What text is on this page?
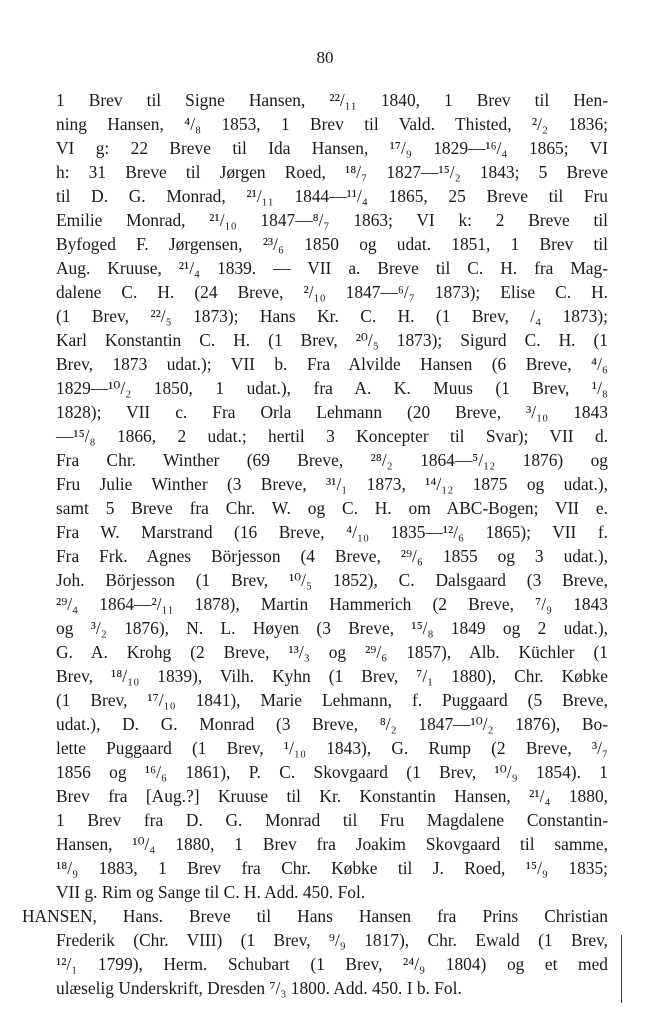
80
1 Brev til Signe Hansen, ²²/₁₁ 1840, 1 Brev til Hen-
ning Hansen, ⁴/₈ 1853, 1 Brev til Vald. Thisted, ²/₂ 1836;
VI g: 22 Breve til Ida Hansen, ¹⁷/₉ 1829—¹⁶/₄ 1865; VI
h: 31 Breve til Jørgen Roed, ¹⁸/₇ 1827—¹⁵/₂ 1843; 5 Breve
til D. G. Monrad, ²¹/₁₁ 1844—¹¹/₄ 1865, 25 Breve til Fru
Emilie Monrad, ²¹/₁₀ 1847—⁸/₇ 1863; VI k: 2 Breve til
Byfoged F. Jørgensen, ²³/₆ 1850 og udat. 1851, 1 Brev til
Aug. Kruuse, ²¹/₄ 1839. — VII a. Breve til C. H. fra Mag-
dalene C. H. (24 Breve, ²/₁₀ 1847—⁶/₇ 1873); Elise C. H.
(1 Brev, ²²/₅ 1873); Hans Kr. C. H. (1 Brev, /₄ 1873);
Karl Konstantin C. H. (1 Brev, ²⁰/₅ 1873); Sigurd C. H. (1
Brev, 1873 udat.); VII b. Fra Alvilde Hansen (6 Breve, ⁴/₆
1829—¹⁰/₂ 1850, 1 udat.), fra A. K. Muus (1 Brev, ¹/₈
1828); VII c. Fra Orla Lehmann (20 Breve, ³/₁₀ 1843
—¹⁵/₈ 1866, 2 udat.; hertil 3 Koncepter til Svar); VII d.
Fra Chr. Winther (69 Breve, ²⁸/₂ 1864—⁵/₁₂ 1876) og
Fru Julie Winther (3 Breve, ³¹/₁ 1873, ¹⁴/₁₂ 1875 og udat.),
samt 5 Breve fra Chr. W. og C. H. om ABC-Bogen; VII e.
Fra W. Marstrand (16 Breve, ⁴/₁₀ 1835—¹²/₆ 1865); VII f.
Fra Frk. Agnes Börjesson (4 Breve, ²⁹/₆ 1855 og 3 udat.),
Joh. Börjesson (1 Brev, ¹⁰/₅ 1852), C. Dalsgaard (3 Breve,
²⁹/₄ 1864—²/₁₁ 1878), Martin Hammerich (2 Breve, ⁷/₉ 1843
og ³/₂ 1876), N. L. Høyen (3 Breve, ¹⁵/₈ 1849 og 2 udat.),
G. A. Krohg (2 Breve, ¹³/₃ og ²⁹/₆ 1857), Alb. Küchler (1
Brev, ¹⁸/₁₀ 1839), Vilh. Kyhn (1 Brev, ⁷/₁ 1880), Chr. Købke
(1 Brev, ¹⁷/₁₀ 1841), Marie Lehmann, f. Puggaard (5 Breve,
udat.), D. G. Monrad (3 Breve, ⁸/₂ 1847—¹⁰/₂ 1876), Bo-
lette Puggaard (1 Brev, ¹/₁₀ 1843), G. Rump (2 Breve, ³/₇
1856 og ¹⁶/₆ 1861), P. C. Skovgaard (1 Brev, ¹⁰/₉ 1854). 1
Brev fra [Aug.?] Kruuse til Kr. Konstantin Hansen, ²¹/₄ 1880,
1 Brev fra D. G. Monrad til Fru Magdalene Constantin-
Hansen, ¹⁰/₄ 1880, 1 Brev fra Joakim Skovgaard til samme,
¹⁸/₉ 1883, 1 Brev fra Chr. Købke til J. Roed, ¹⁵/₉ 1835;
VII g. Rim og Sange til C. H. Add. 450. Fol.
HANSEN, Hans. Breve til Hans Hansen fra Prins Christian
Frederik (Chr. VIII) (1 Brev, ⁹/₉ 1817), Chr. Ewald (1 Brev,
¹²/₁ 1799), Herm. Schubart (1 Brev, ²⁴/₉ 1804) og et med
ulæselig Underskrift, Dresden ⁷/₃ 1800. Add. 450. I b. Fol.
